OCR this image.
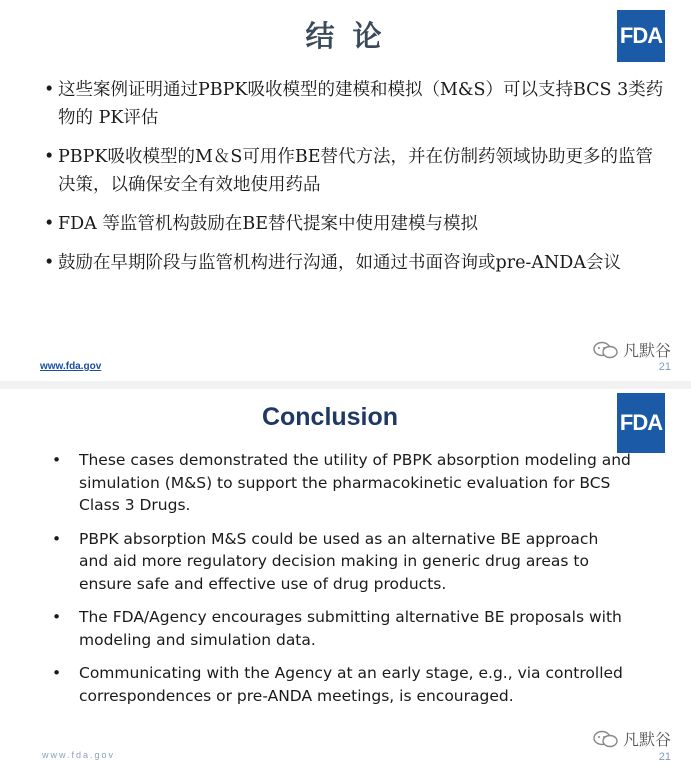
结 论	FDA
• 这些案例证明通过PBPK吸收模型的建模和模拟（M&S）可以支持BCS 3类药物的 PK评估
• PBPK吸收模型的M＆S可用作BE替代方法，并在仿制药领域协助更多的监管决策，以确保安全有效地使用药品
• FDA 等监管机构鼓励在BE替代提案中使用建模与模拟
• 鼓励在早期阶段与监管机构进行沟通，如通过书面咨询或pre-ANDA会议
www.fda.gov
凡默谷
21
Conclusion	FDA
• These cases demonstrated the utility of PBPK absorption modeling and simulation (M&S) to support the pharmacokinetic evaluation for BCS Class 3 Drugs.
• PBPK absorption M&S could be used as an alternative BE approach and aid more regulatory decision making in generic drug areas to ensure safe and effective use of drug products.
• The FDA/Agency encourages submitting alternative BE proposals with modeling and simulation data.
• Communicating with the Agency at an early stage, e.g., via controlled correspondences or pre-ANDA meetings, is encouraged.
www.fda.gov
凡默谷
21
